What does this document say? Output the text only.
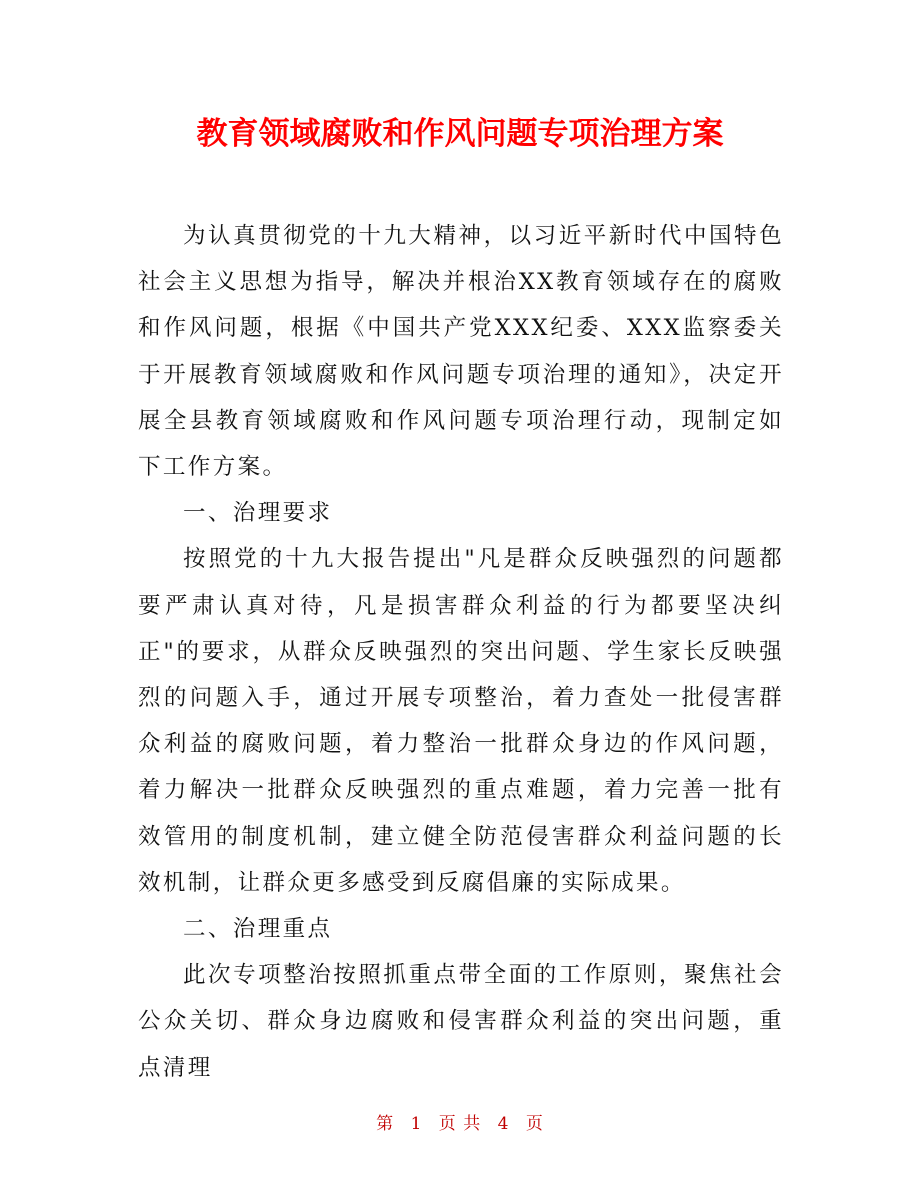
教育领域腐败和作风问题专项治理方案

为认真贯彻党的十九大精神，以习近平新时代中国特色社会主义思想为指导，解决并根治XX教育领域存在的腐败和作风问题，根据《中国共产党XXX纪委、XXX监察委关于开展教育领域腐败和作风问题专项治理的通知》，决定开展全县教育领域腐败和作风问题专项治理行动，现制定如下工作方案。

一、治理要求

按照党的十九大报告提出"凡是群众反映强烈的问题都要严肃认真对待，凡是损害群众利益的行为都要坚决纠正"的要求，从群众反映强烈的突出问题、学生家长反映强烈的问题入手，通过开展专项整治，着力查处一批侵害群众利益的腐败问题，着力整治一批群众身边的作风问题，着力解决一批群众反映强烈的重点难题，着力完善一批有效管用的制度机制，建立健全防范侵害群众利益问题的长效机制，让群众更多感受到反腐倡廉的实际成果。

二、治理重点

此次专项整治按照抓重点带全面的工作原则，聚焦社会公众关切、群众身边腐败和侵害群众利益的突出问题，重点清理

第 1 页 共 4 页
